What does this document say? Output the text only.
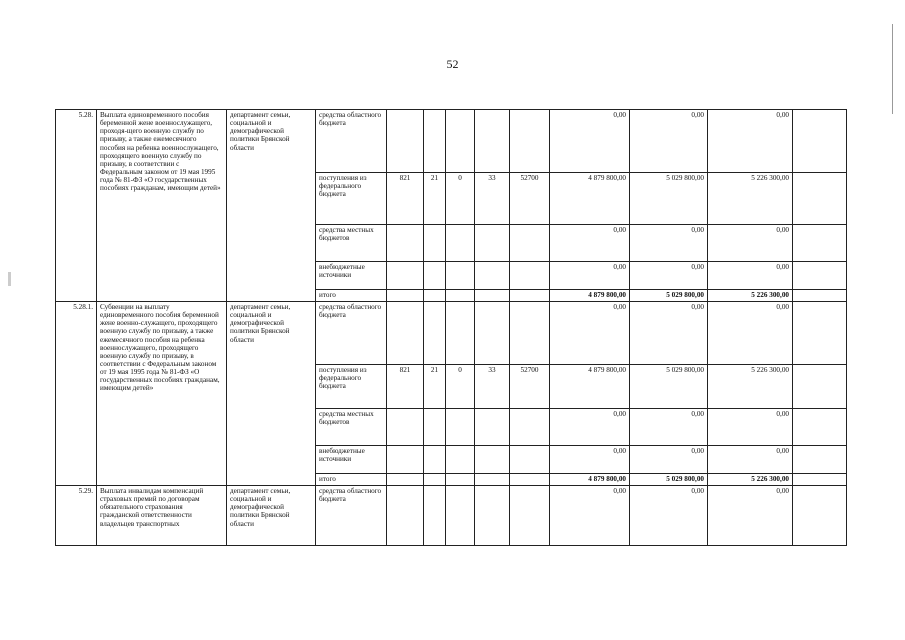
52
5.28.	Выплата единовременного пособия беременной жене военнослужащего, проходя-щего военную службу по призыву, а также ежемесячного пособия на ребенка военнослужащего, проходящего военную службу по призыву, в соответствии с Федеральным законом от 19 мая 1995 года № 81-ФЗ «О государственных пособиях гражданам, имеющим детей»	департамент семьи, социальной и демографической политики Брянской области	средства областного бюджета						0,00	0,00	0,00	
			поступления из федерального бюджета	821	21	0	33	52700	4 879 800,00	5 029 800,00	5 226 300,00	
			средства местных бюджетов						0,00	0,00	0,00	
			внебюджетные источники						0,00	0,00	0,00	
			итого						4 879 800,00	5 029 800,00	5 226 300,00	
5.28.1.	Субвенции на выплату единовременного пособия беременной жене военно-служащего, проходящего военную службу по призыву, а также ежемесячного пособия на ребенка военнослужащего, проходящего военную службу по призыву, в соответствии с Федеральным законом от 19 мая 1995 года № 81-ФЗ «О государственных пособиях гражданам, имеющим детей»	департамент семьи, социальной и демографической политики Брянской области	средства областного бюджета						0,00	0,00	0,00	
			поступления из федерального бюджета	821	21	0	33	52700	4 879 800,00	5 029 800,00	5 226 300,00	
			средства местных бюджетов						0,00	0,00	0,00	
			внебюджетные источники						0,00	0,00	0,00	
			итого						4 879 800,00	5 029 800,00	5 226 300,00	
5.29.	Выплата инвалидам компенсаций страховых премий по договорам обязательного страхования гражданской ответственности владельцев транспортных	департамент семьи, социальной и демографической политики Брянской области	средства областного бюджета						0,00	0,00	0,00	
